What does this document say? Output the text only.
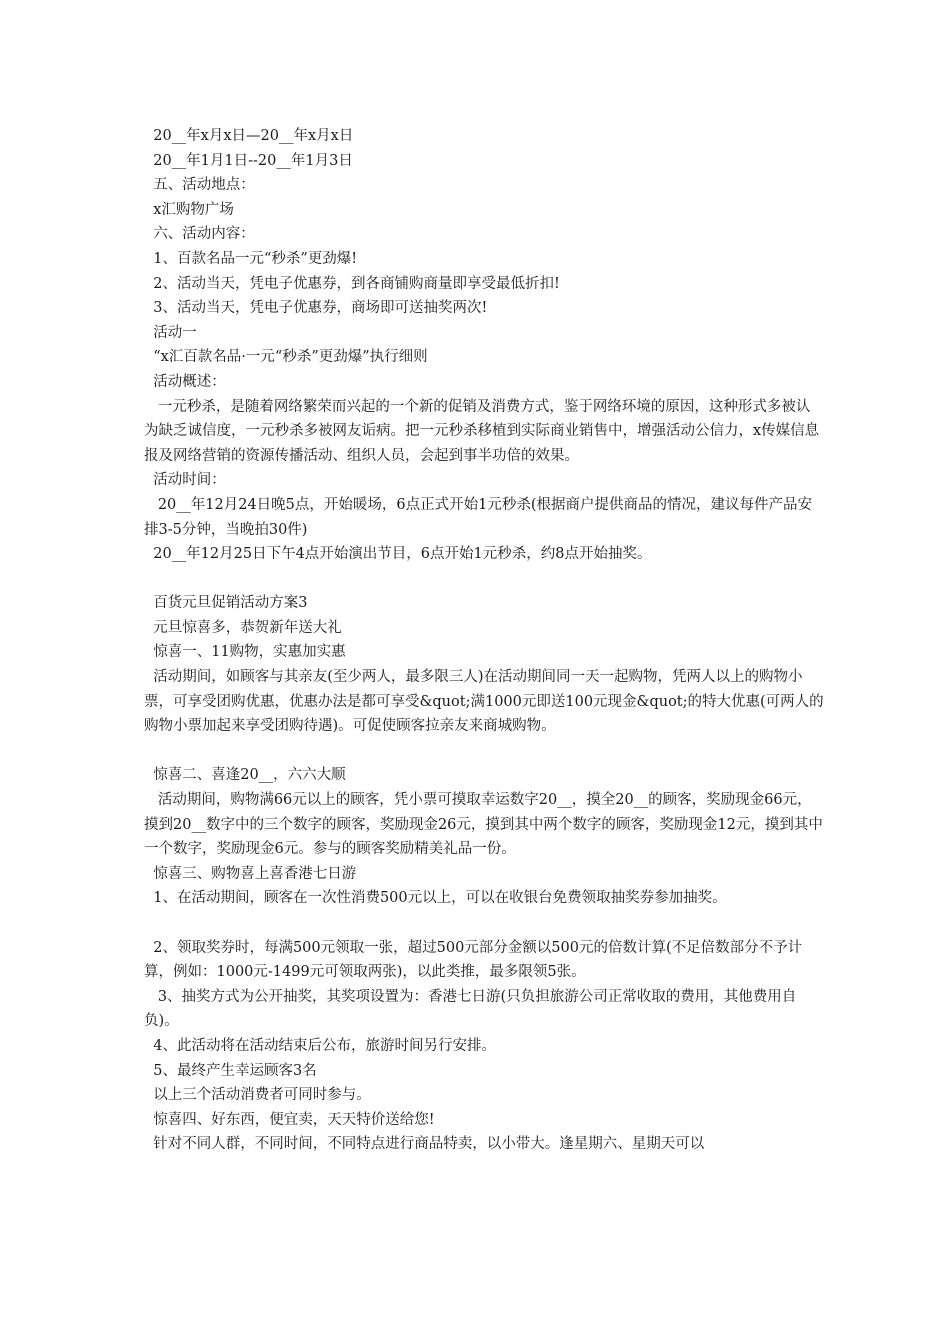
20__年x月x日—20__年x月x日

20__年1月1日--20__年1月3日

五、活动地点：

x汇购物广场

六、活动内容：

1、百款名品一元“秒杀”更劲爆!

2、活动当天，凭电子优惠券，到各商铺购商量即享受最低折扣!

3、活动当天，凭电子优惠券，商场即可送抽奖两次!

活动一

“x汇百款名品·一元“秒杀”更劲爆”执行细则

活动概述：

一元秒杀，是随着网络繁荣而兴起的一个新的促销及消费方式，鉴于网络环境的原因，这种形式多被认为缺乏诚信度，一元秒杀多被网友诟病。把一元秒杀移植到实际商业销售中，增强活动公信力，x传媒信息报及网络营销的资源传播活动、组织人员，会起到事半功倍的效果。

活动时间：

20__年12月24日晚5点，开始暖场，6点正式开始1元秒杀(根据商户提供商品的情况，建议每件产品安排3-5分钟，当晚拍30件)

20__年12月25日下午4点开始演出节目，6点开始1元秒杀，约8点开始抽奖。

百货元旦促销活动方案3

元旦惊喜多，恭贺新年送大礼

惊喜一、11购物，实惠加实惠

活动期间，如顾客与其亲友(至少两人，最多限三人)在活动期间同一天一起购物，凭两人以上的购物小票，可享受团购优惠，优惠办法是都可享受&quot;满1000元即送100元现金&quot;的特大优惠(可两人的购物小票加起来享受团购待遇)。可促使顾客拉亲友来商城购物。

惊喜二、喜逢20__，六六大顺

活动期间，购物满66元以上的顾客，凭小票可摸取幸运数字20__，摸全20__的顾客，奖励现金66元，摸到20__数字中的三个数字的顾客，奖励现金26元，摸到其中两个数字的顾客，奖励现金12元，摸到其中一个数字，奖励现金6元。参与的顾客奖励精美礼品一份。

惊喜三、购物喜上喜香港七日游

1、在活动期间，顾客在一次性消费500元以上，可以在收银台免费领取抽奖券参加抽奖。

2、领取奖券时，每满500元领取一张，超过500元部分金额以500元的倍数计算(不足倍数部分不予计算，例如：1000元-1499元可领取两张)，以此类推，最多限领5张。

3、抽奖方式为公开抽奖，其奖项设置为：香港七日游(只负担旅游公司正常收取的费用，其他费用自负)。

4、此活动将在活动结束后公布，旅游时间另行安排。

5、最终产生幸运顾客3名

以上三个活动消费者可同时参与。

惊喜四、好东西，便宜卖，天天特价送给您!

针对不同人群，不同时间，不同特点进行商品特卖，以小带大。逢星期六、星期天可以
